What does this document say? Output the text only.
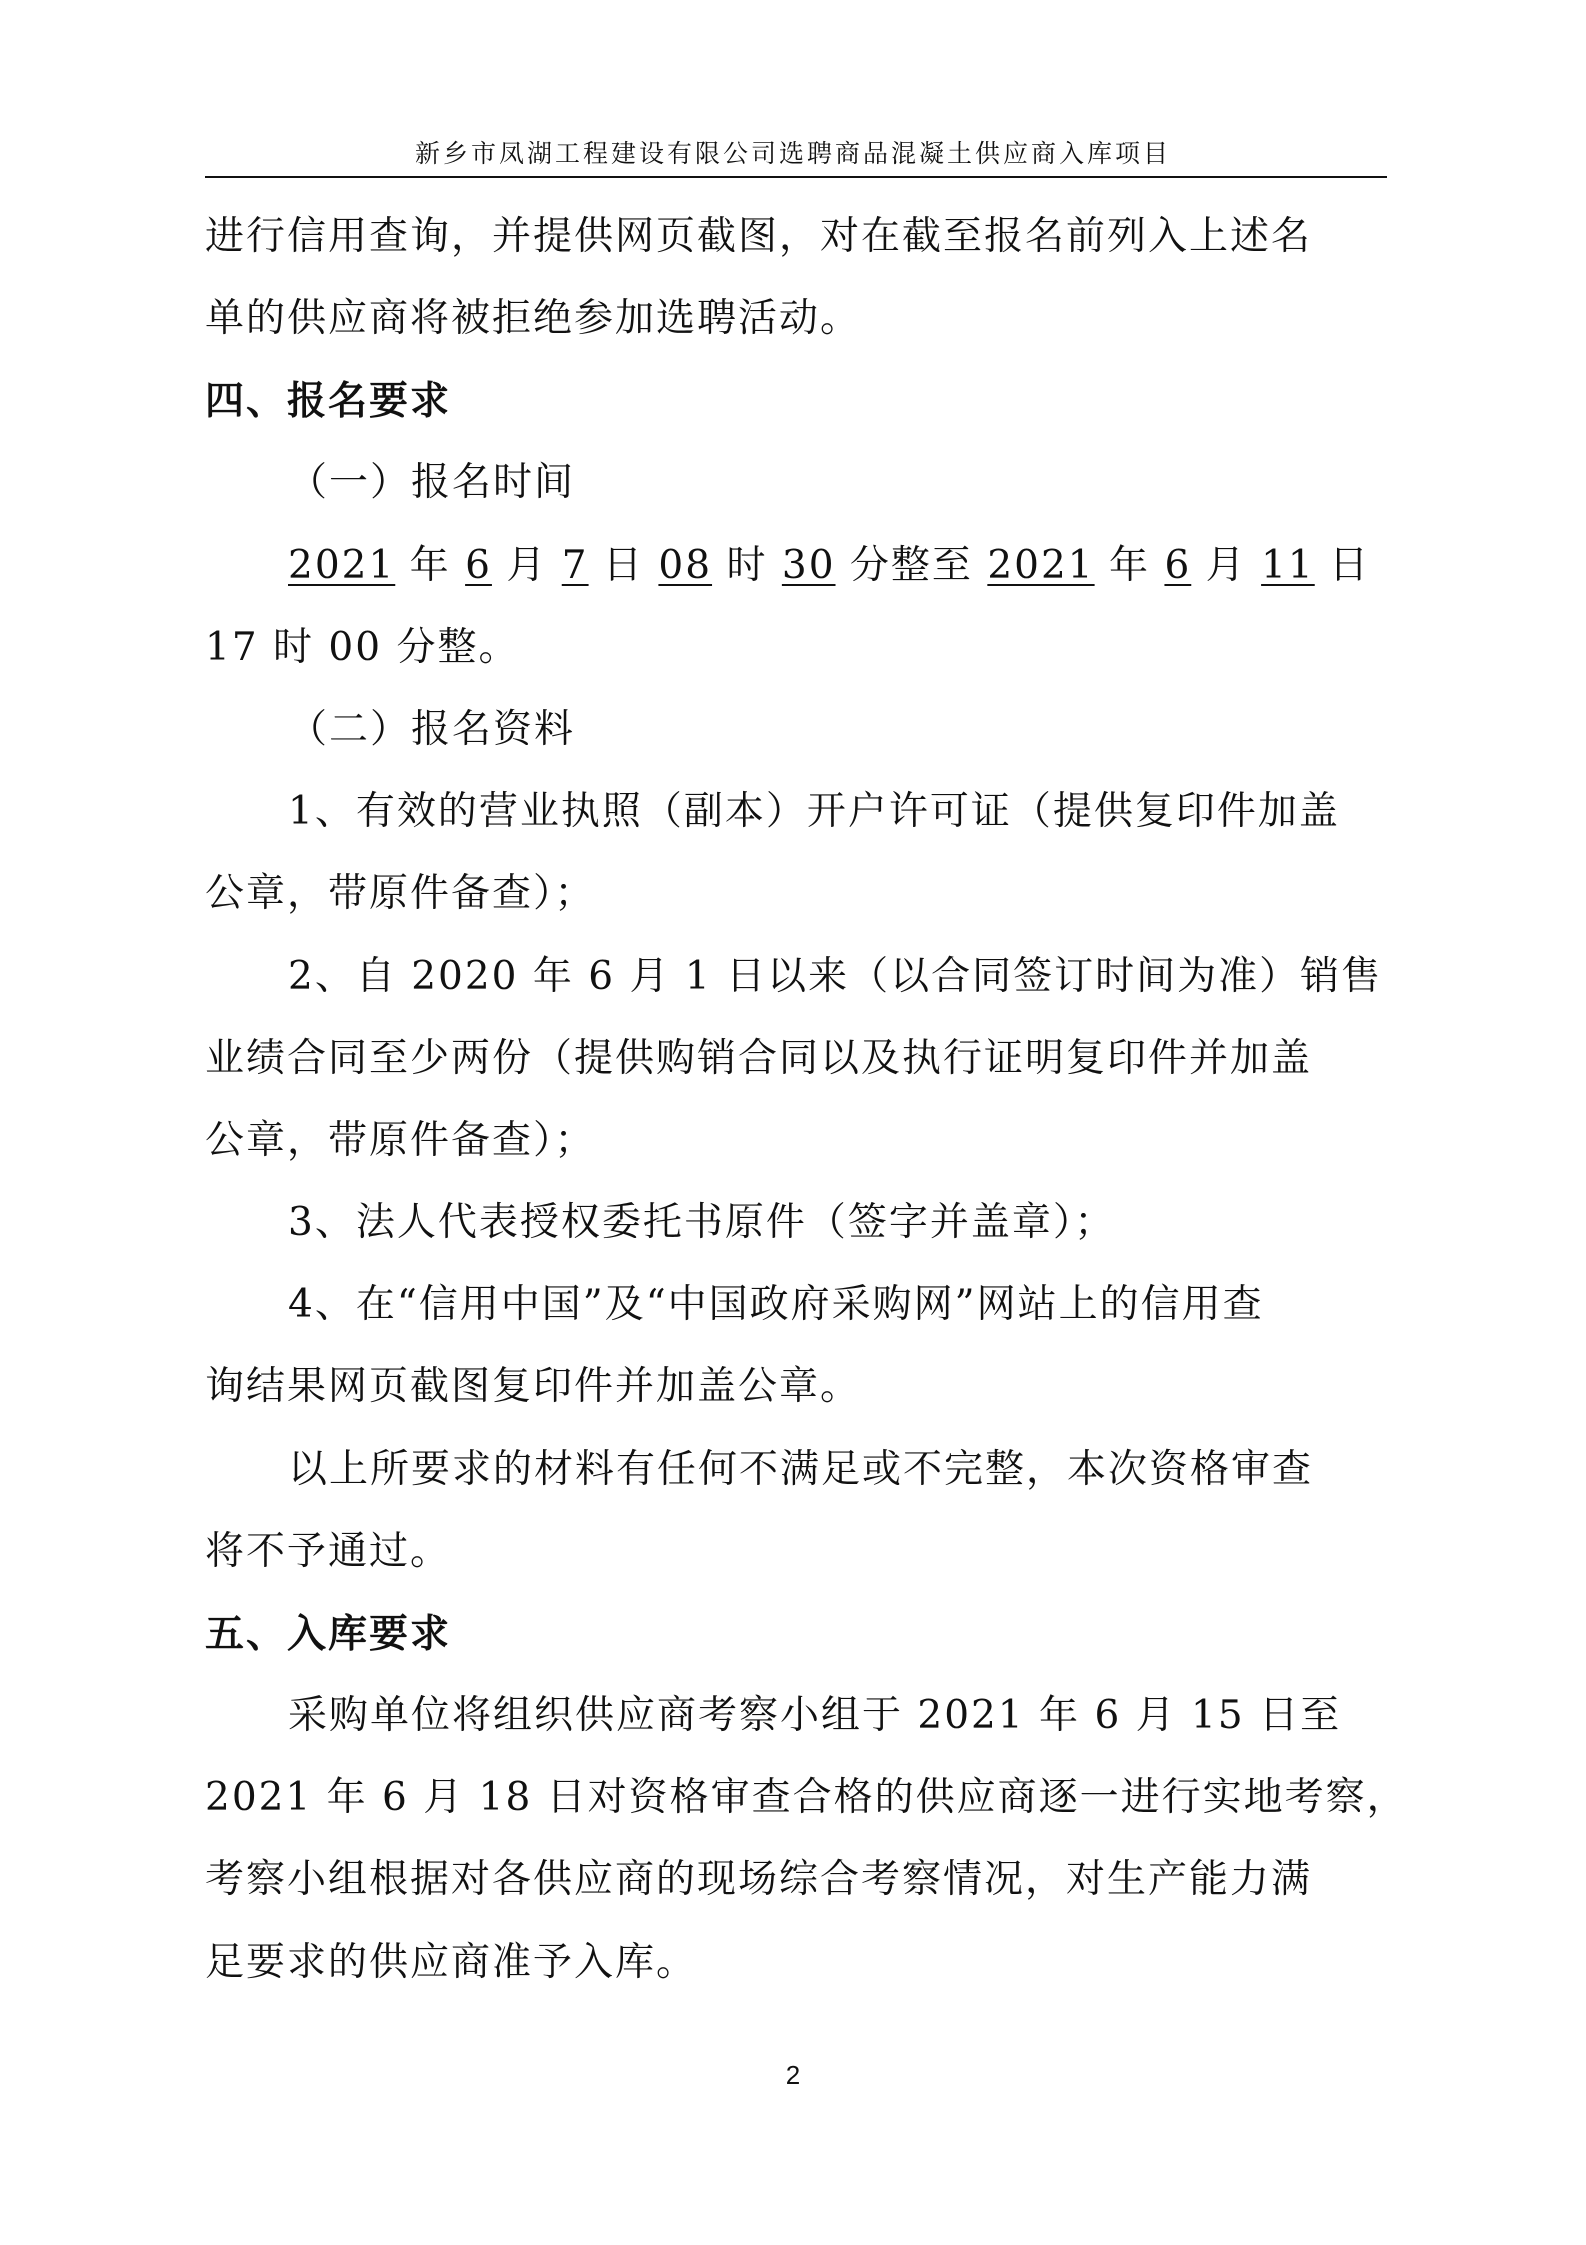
新乡市凤湖工程建设有限公司选聘商品混凝土供应商入库项目
进行信用查询，并提供网页截图，对在截至报名前列入上述名
单的供应商将被拒绝参加选聘活动。
四、报名要求
（一）报名时间
2021 年 6 月 7 日 08 时 30 分整至 2021 年 6 月 11 日
17 时 00 分整。
（二）报名资料
1、有效的营业执照（副本）开户许可证（提供复印件加盖
公章，带原件备查）；
2、自 2020 年 6 月 1 日以来（以合同签订时间为准）销售
业绩合同至少两份（提供购销合同以及执行证明复印件并加盖
公章，带原件备查）；
3、法人代表授权委托书原件（签字并盖章）；
4、在“信用中国”及“中国政府采购网”网站上的信用查
询结果网页截图复印件并加盖公章。
以上所要求的材料有任何不满足或不完整，本次资格审查
将不予通过。
五、入库要求
采购单位将组织供应商考察小组于 2021 年 6 月 15 日至
2021 年 6 月 18 日对资格审查合格的供应商逐一进行实地考察，
考察小组根据对各供应商的现场综合考察情况，对生产能力满
足要求的供应商准予入库。
2
